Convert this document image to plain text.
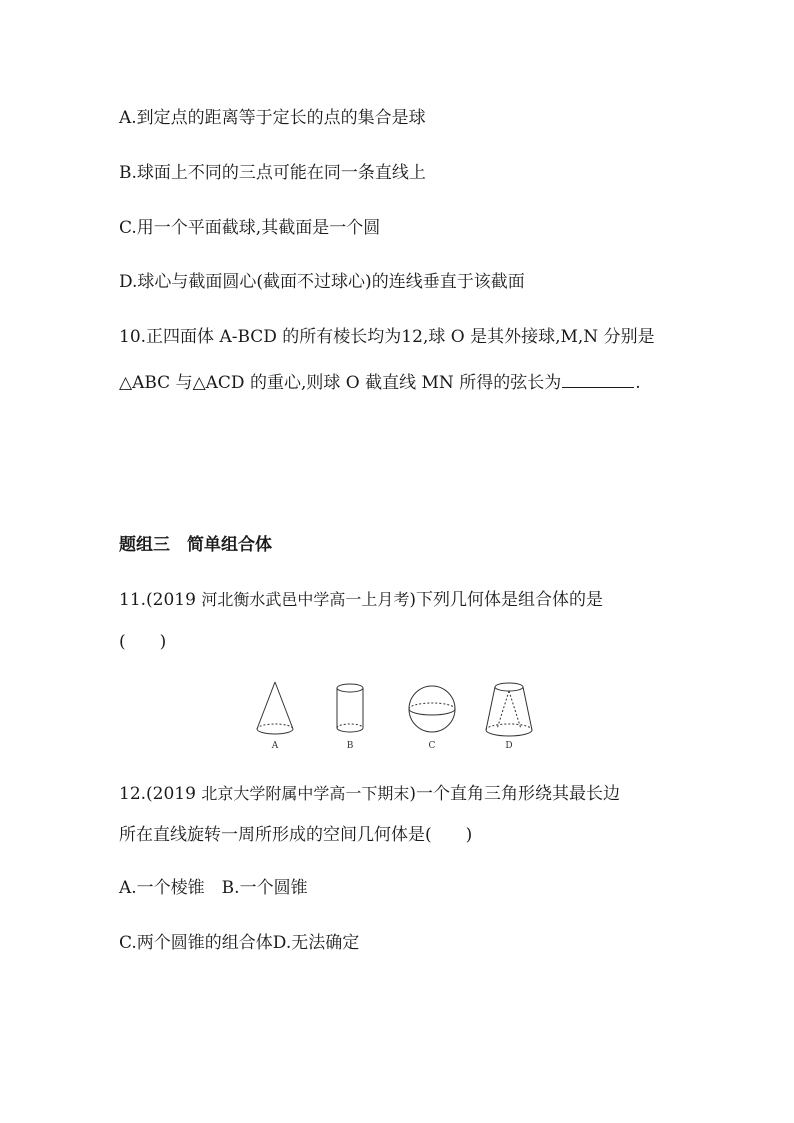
A.到定点的距离等于定长的点的集合是球
B.球面上不同的三点可能在同一条直线上
C.用一个平面截球,其截面是一个圆
D.球心与截面圆心(截面不过球心)的连线垂直于该截面
10.正四面体 A-BCD 的所有棱长均为12,球 O 是其外接球,M,N 分别是
△ABC 与△ACD 的重心,则球 O 截直线 MN 所得的弦长为	.
题组三　简单组合体
11.(2019 河北衡水武邑中学高一上月考)下列几何体是组合体的是
(　　)
A	B	C	D
12.(2019 北京大学附属中学高一下期末)一个直角三角形绕其最长边
所在直线旋转一周所形成的空间几何体是(　　)
A.一个棱锥　B.一个圆锥
C.两个圆锥的组合体D.无法确定
